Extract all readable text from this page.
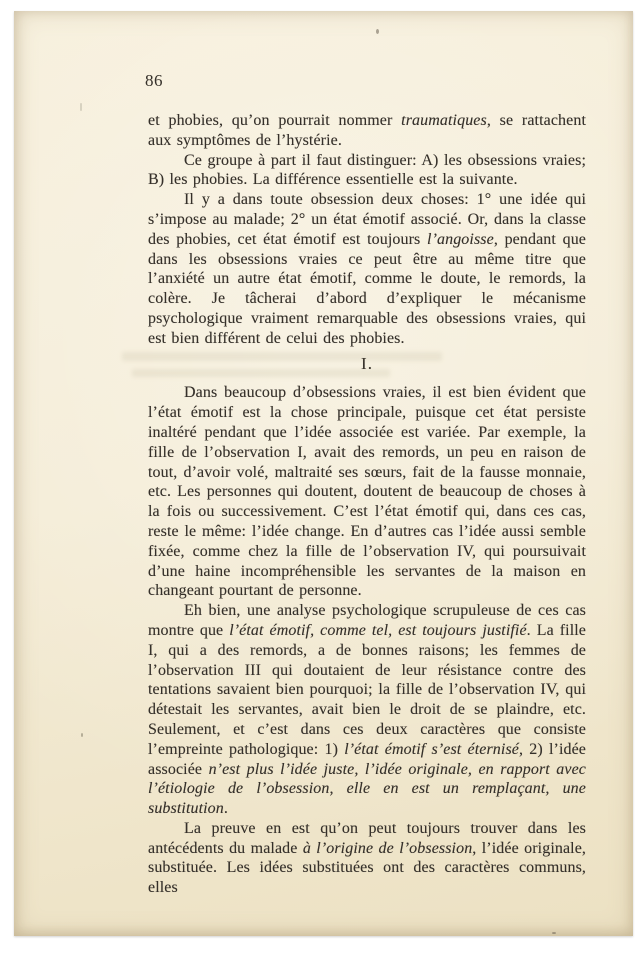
86

et phobies, qu’on pourrait nommer traumatiques, se rattachent aux symptômes de l’hystérie.

Ce groupe à part il faut distinguer: A) les obsessions vraies; B) les phobies. La différence essentielle est la suivante.

Il y a dans toute obsession deux choses: 1° une idée qui s’impose au malade; 2° un état émotif associé. Or, dans la classe des phobies, cet état émotif est toujours l’angoisse, pendant que dans les obsessions vraies ce peut être au même titre que l’anxiété un autre état émotif, comme le doute, le remords, la colère. Je tâcherai d’abord d’expliquer le mécanisme psychologique vraiment remarquable des obsessions vraies, qui est bien différent de celui des phobies.

I.

Dans beaucoup d’obsessions vraies, il est bien évident que l’état émotif est la chose principale, puisque cet état persiste inaltéré pendant que l’idée associée est variée. Par exemple, la fille de l’observation I, avait des remords, un peu en raison de tout, d’avoir volé, maltraité ses sœurs, fait de la fausse monnaie, etc. Les personnes qui doutent, doutent de beaucoup de choses à la fois ou successivement. C’est l’état émotif qui, dans ces cas, reste le même: l’idée change. En d’autres cas l’idée aussi semble fixée, comme chez la fille de l’observation IV, qui poursuivait d’une haine incompréhensible les servantes de la maison en changeant pourtant de personne.

Eh bien, une analyse psychologique scrupuleuse de ces cas montre que l’état émotif, comme tel, est toujours justifié. La fille I, qui a des remords, a de bonnes raisons; les femmes de l’observation III qui doutaient de leur résistance contre des tentations savaient bien pourquoi; la fille de l’observation IV, qui détestait les servantes, avait bien le droit de se plaindre, etc. Seulement, et c’est dans ces deux caractères que consiste l’empreinte pathologique: 1) l’état émotif s’est éternisé, 2) l’idée associée n’est plus l’idée juste, l’idée originale, en rapport avec l’étiologie de l’obsession, elle en est un remplaçant, une substitution.

La preuve en est qu’on peut toujours trouver dans les antécédents du malade à l’origine de l’obsession, l’idée originale, substituée. Les idées substituées ont des caractères communs, elles
